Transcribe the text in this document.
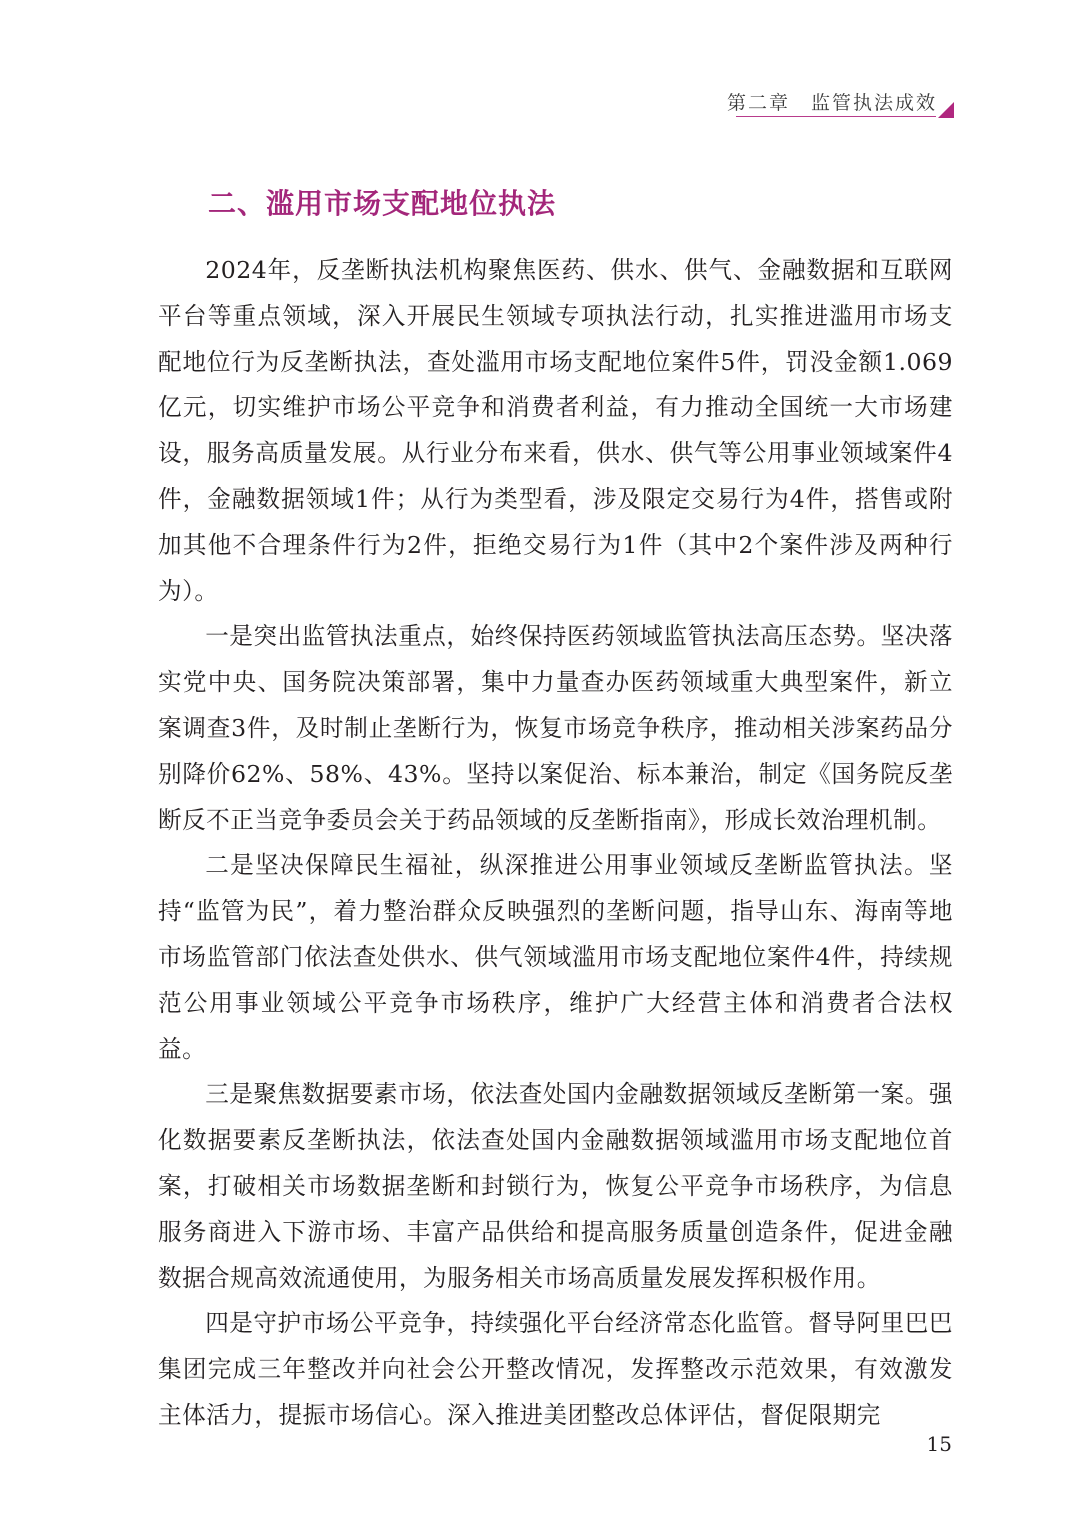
第二章　监管执法成效
二、滥用市场支配地位执法

2024年，反垄断执法机构聚焦医药、供水、供气、金融数据和互联网平台等重点领域，深入开展民生领域专项执法行动，扎实推进滥用市场支配地位行为反垄断执法，查处滥用市场支配地位案件5件，罚没金额1.069亿元，切实维护市场公平竞争和消费者利益，有力推动全国统一大市场建设，服务高质量发展。从行业分布来看，供水、供气等公用事业领域案件4件，金融数据领域1件；从行为类型看，涉及限定交易行为4件，搭售或附加其他不合理条件行为2件，拒绝交易行为1件（其中2个案件涉及两种行为）。

一是突出监管执法重点，始终保持医药领域监管执法高压态势。坚决落实党中央、国务院决策部署，集中力量查办医药领域重大典型案件，新立案调查3件，及时制止垄断行为，恢复市场竞争秩序，推动相关涉案药品分别降价62%、58%、43%。坚持以案促治、标本兼治，制定《国务院反垄断反不正当竞争委员会关于药品领域的反垄断指南》，形成长效治理机制。

二是坚决保障民生福祉，纵深推进公用事业领域反垄断监管执法。坚持“监管为民”，着力整治群众反映强烈的垄断问题，指导山东、海南等地市场监管部门依法查处供水、供气领域滥用市场支配地位案件4件，持续规范公用事业领域公平竞争市场秩序，维护广大经营主体和消费者合法权益。

三是聚焦数据要素市场，依法查处国内金融数据领域反垄断第一案。强化数据要素反垄断执法，依法查处国内金融数据领域滥用市场支配地位首案，打破相关市场数据垄断和封锁行为，恢复公平竞争市场秩序，为信息服务商进入下游市场、丰富产品供给和提高服务质量创造条件，促进金融数据合规高效流通使用，为服务相关市场高质量发展发挥积极作用。

四是守护市场公平竞争，持续强化平台经济常态化监管。督导阿里巴巴集团完成三年整改并向社会公开整改情况，发挥整改示范效果，有效激发主体活力，提振市场信心。深入推进美团整改总体评估，督促限期完

15
